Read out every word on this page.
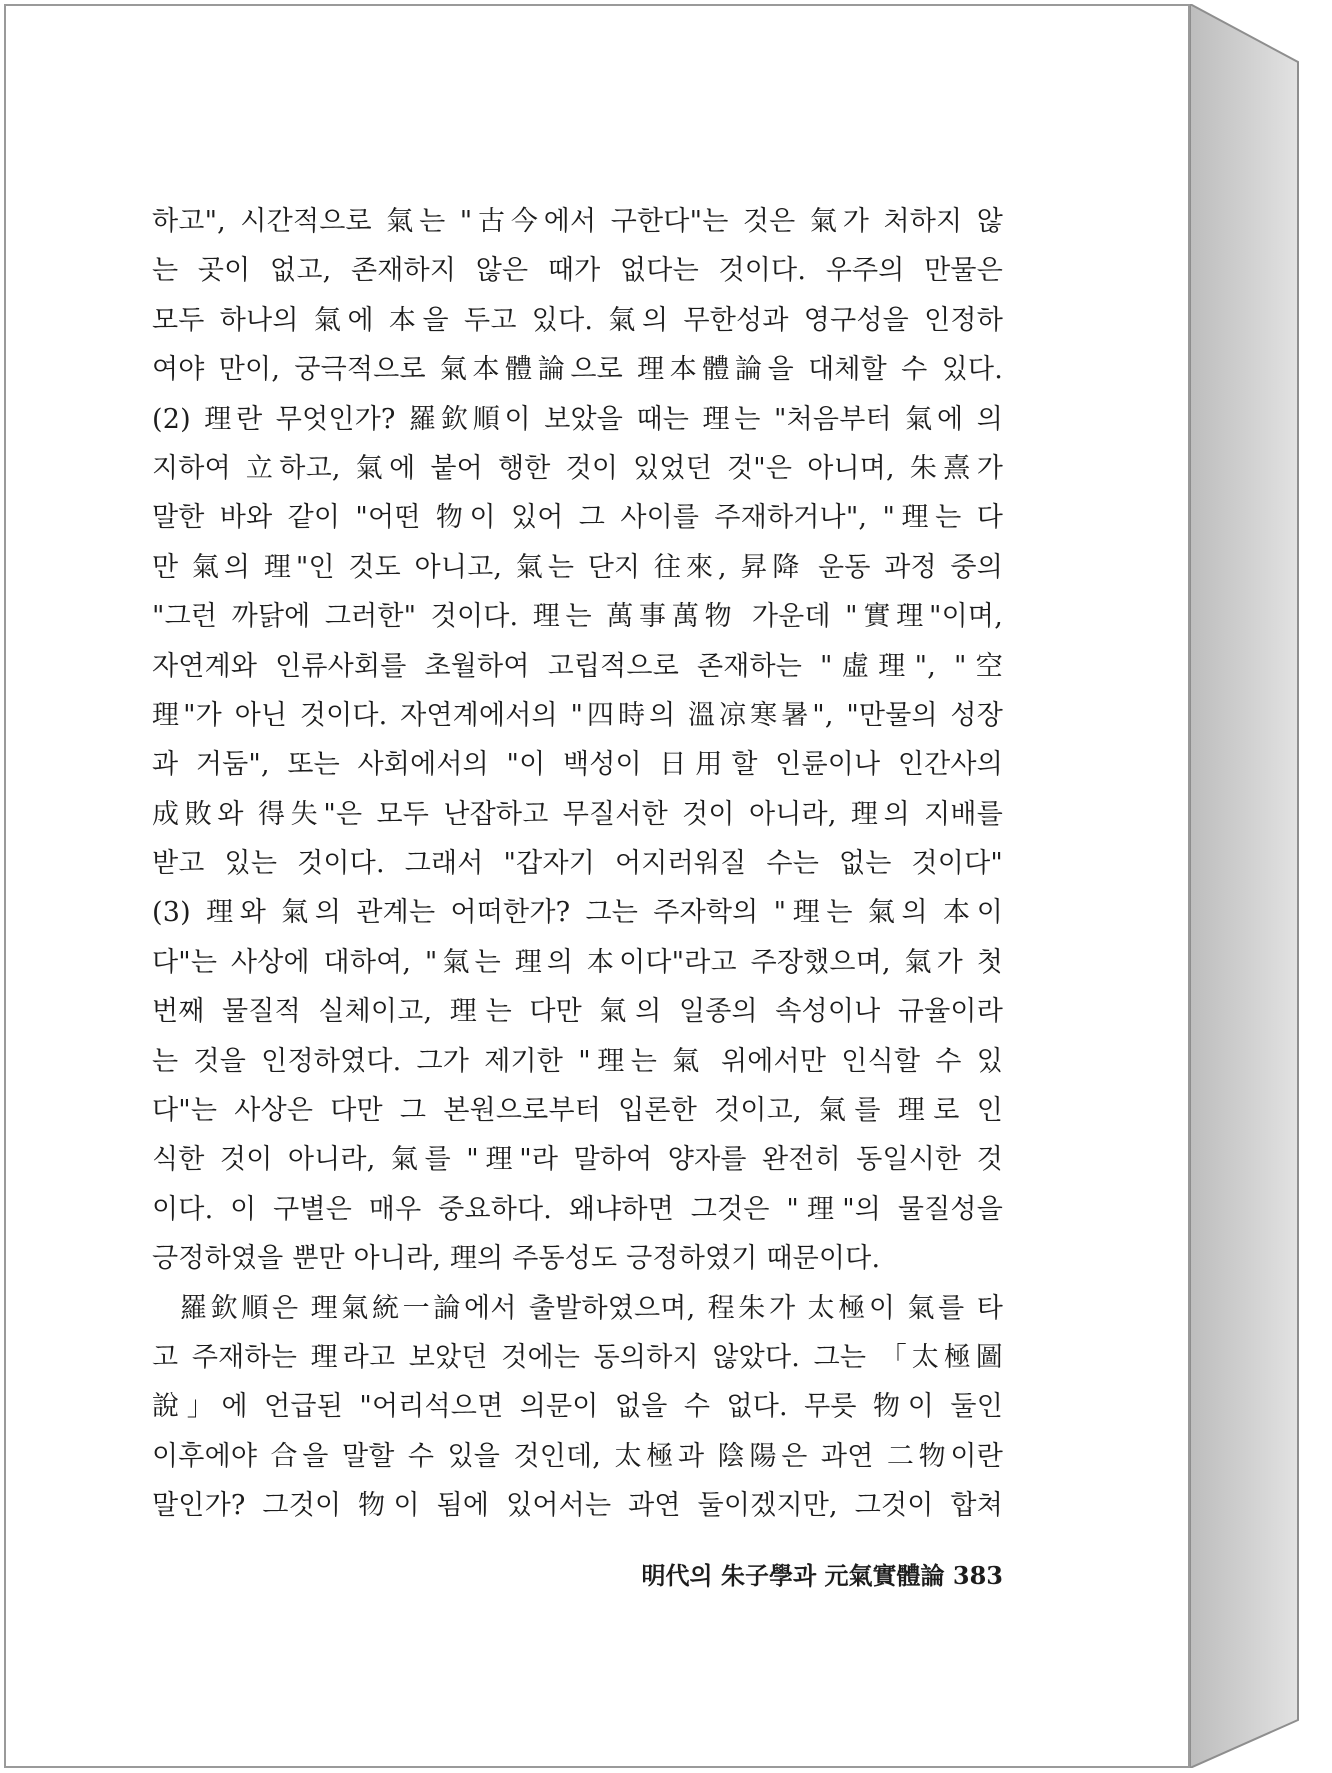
하고", 시간적으로 氣는 "古今에서 구한다"는 것은 氣가 처하지 않
는 곳이 없고, 존재하지 않은 때가 없다는 것이다. 우주의 만물은
모두 하나의 氣에 本을 두고 있다. 氣의 무한성과 영구성을 인정하
여야 만이, 궁극적으로 氣本體論으로 理本體論을 대체할 수 있다.
(2) 理란 무엇인가? 羅欽順이 보았을 때는 理는 "처음부터 氣에 의
지하여 立하고, 氣에 붙어 행한 것이 있었던 것"은 아니며, 朱熹가
말한 바와 같이 "어떤 物이 있어 그 사이를 주재하거나", "理는 다
만 氣의 理"인 것도 아니고, 氣는 단지 往來, 昇降 운동 과정 중의
"그런 까닭에 그러한" 것이다. 理는 萬事萬物 가운데 "實理"이며,
자연계와 인류사회를 초월하여 고립적으로 존재하는 "虛理", "空
理"가 아닌 것이다. 자연계에서의 "四時의 溫凉寒暑", "만물의 성장
과 거둠", 또는 사회에서의 "이 백성이 日用할 인륜이나 인간사의
成敗와 得失"은 모두 난잡하고 무질서한 것이 아니라, 理의 지배를
받고 있는 것이다. 그래서 "갑자기 어지러워질 수는 없는 것이다"
(3) 理와 氣의 관계는 어떠한가? 그는 주자학의 "理는 氣의 本이
다"는 사상에 대하여, "氣는 理의 本이다"라고 주장했으며, 氣가 첫
번째 물질적 실체이고, 理는 다만 氣의 일종의 속성이나 규율이라
는 것을 인정하였다. 그가 제기한 "理는 氣 위에서만 인식할 수 있
다"는 사상은 다만 그 본원으로부터 입론한 것이고, 氣를 理로 인
식한 것이 아니라, 氣를 "理"라 말하여 양자를 완전히 동일시한 것
이다. 이 구별은 매우 중요하다. 왜냐하면 그것은 "理"의 물질성을
긍정하였을 뿐만 아니라, 理의 주동성도 긍정하였기 때문이다.
羅欽順은 理氣統一論에서 출발하였으며, 程朱가 太極이 氣를 타
고 주재하는 理라고 보았던 것에는 동의하지 않았다. 그는 「太極圖
說」에 언급된 "어리석으면 의문이 없을 수 없다. 무릇 物이 둘인
이후에야 合을 말할 수 있을 것인데, 太極과 陰陽은 과연 二物이란
말인가? 그것이 物이 됨에 있어서는 과연 둘이겠지만, 그것이 합쳐
明代의 朱子學과 元氣實體論 383
